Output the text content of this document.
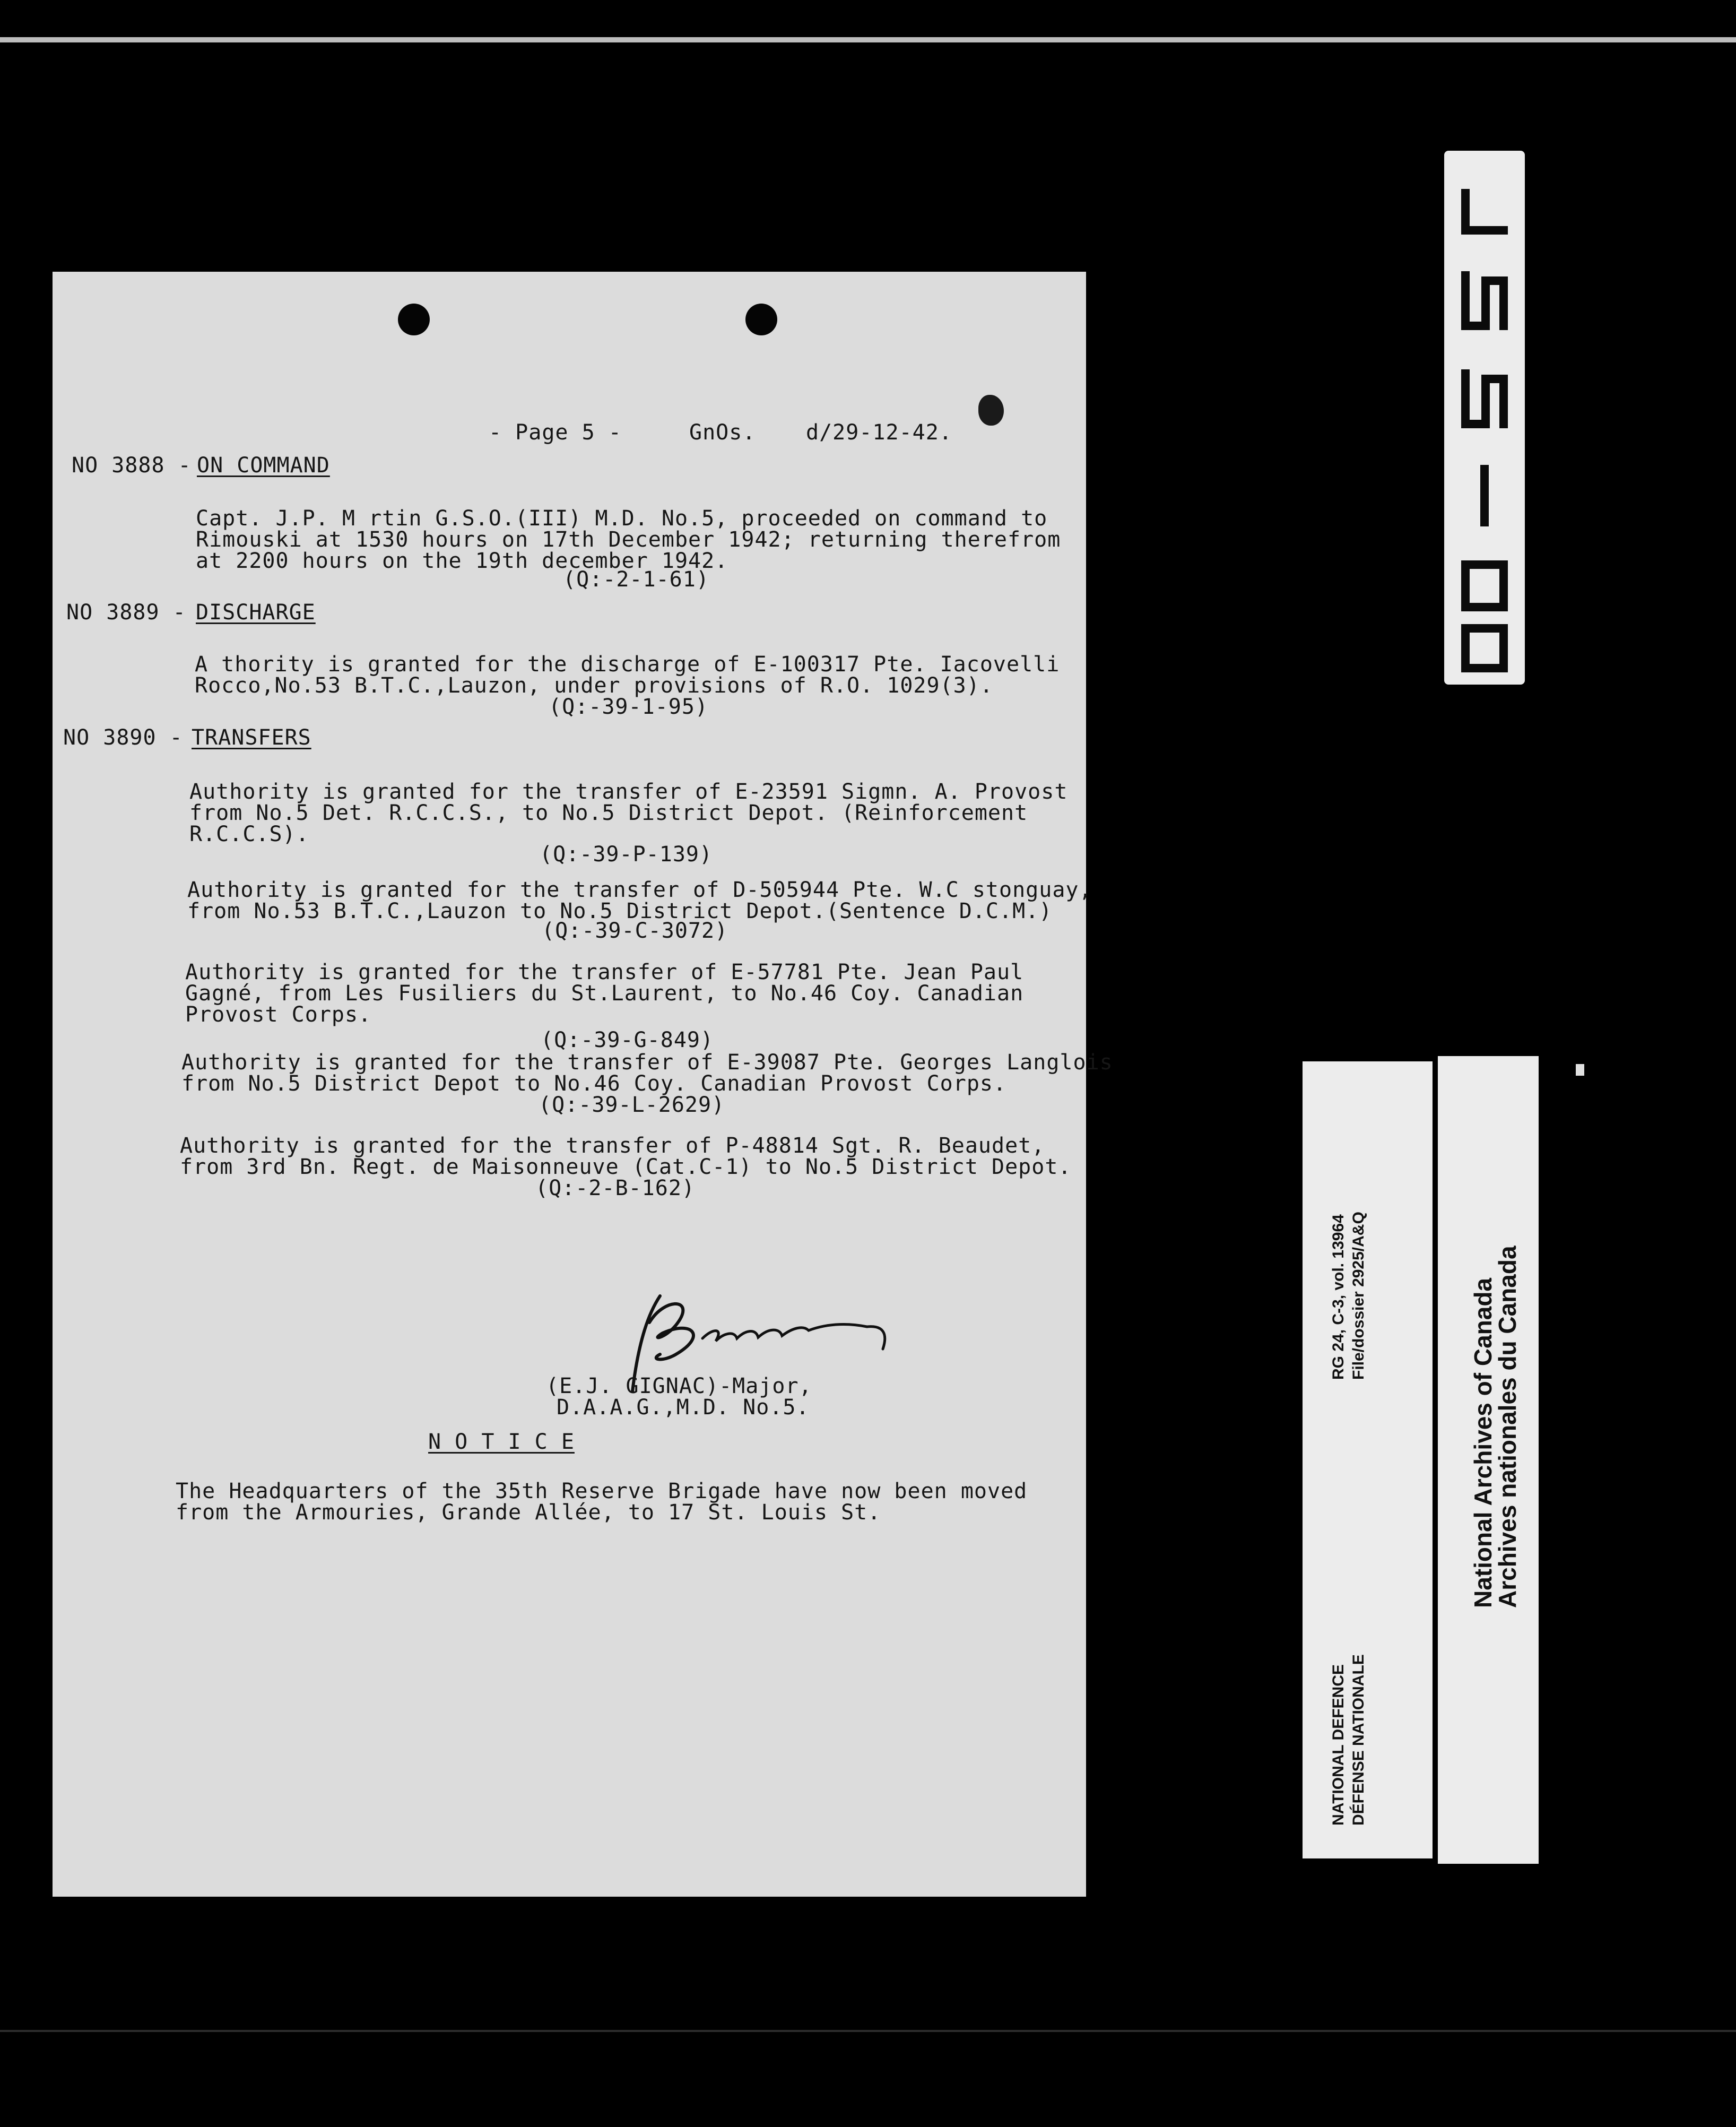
- Page 5 -	GnOs. d/29-12-42.
NO 3888 - ON COMMAND
Capt. J.P. M rtin G.S.O.(III) M.D. No.5, proceeded on command to
Rimouski at 1530 hours on 17th December 1942; returning therefrom
at 2200 hours on the 19th december 1942.
(Q:-2-1-61)
NO 3889 - DISCHARGE
A thority is granted for the discharge of E-100317 Pte. Iacovelli
Rocco,No.53 B.T.C.,Lauzon, under provisions of R.O. 1029(3).
(Q:-39-1-95)
NO 3890 - TRANSFERS
Authority is granted for the transfer of E-23591 Sigmn. A. Provost
from No.5 Det. R.C.C.S., to No.5 District Depot. (Reinforcement
R.C.C.S).
(Q:-39-P-139)
Authority is granted for the transfer of D-505944 Pte. W.C stonguay,
from No.53 B.T.C.,Lauzon to No.5 District Depot.(Sentence D.C.M.)
(Q:-39-C-3072)
Authority is granted for the transfer of E-57781 Pte. Jean Paul
Gagné, from Les Fusiliers du St.Laurent, to No.46 Coy. Canadian
Provost Corps.
(Q:-39-G-849)
Authority is granted for the transfer of E-39087 Pte. Georges Langlois
from No.5 District Depot to No.46 Coy. Canadian Provost Corps.
(Q:-39-L-2629)
Authority is granted for the transfer of P-48814 Sgt. R. Beaudet,
from 3rd Bn. Regt. de Maisonneuve (Cat.C-1) to No.5 District Depot.
(Q:-2-B-162)
(E.J. GIGNAC)-Major,
D.A.A.G.,M.D. No.5.
N O T I C E
The Headquarters of the 35th Reserve Brigade have now been moved
from the Armouries, Grande Allée, to 17 St. Louis St.
RG 24, C-3, vol. 13964 File/dossier 2925/A&Q
NATIONAL DEFENCE DÉFENSE NATIONALE
National Archives of Canada
Archives nationales du Canada
